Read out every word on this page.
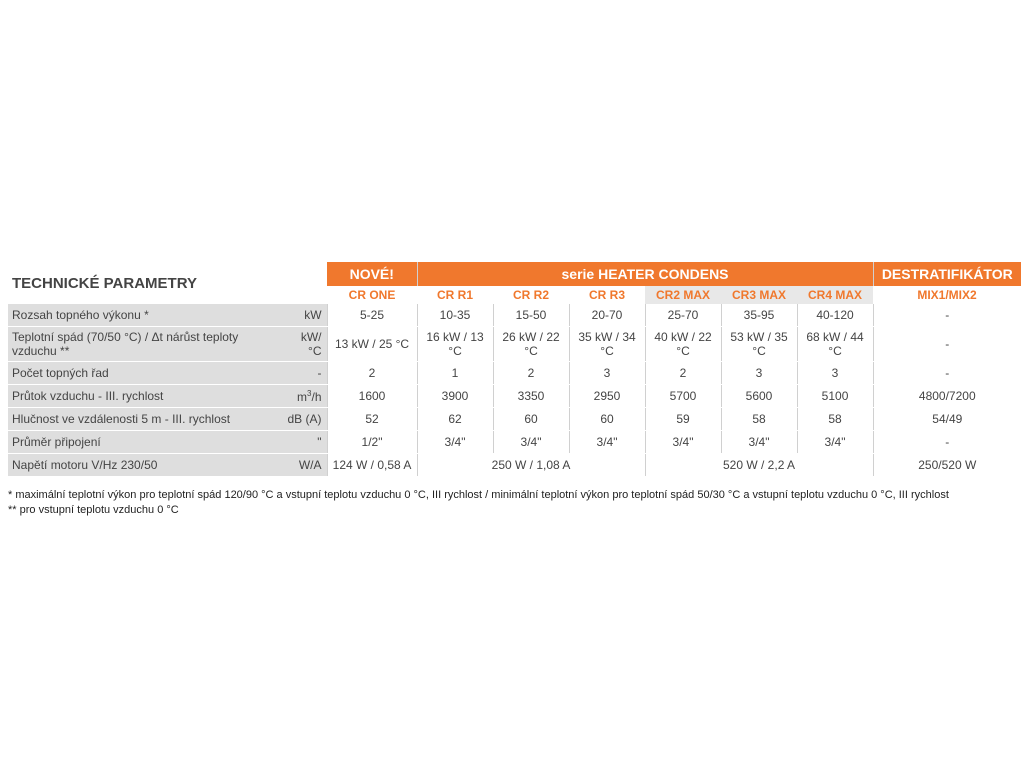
TECHNICKÉ PARAMETRY		NOVÉ!	serie HEATER CONDENS						DESTRATIFIKÁTOR
		CR ONE	CR R1	CR R2	CR R3	CR2 MAX	CR3 MAX	CR4 MAX	MIX1/MIX2
Rozsah topného výkonu *	kW	5-25	10-35	15-50	20-70	25-70	35-95	40-120	-
Teplotní spád (70/50 °C) / Δt nárůst teploty vzduchu **	kW/ °C	13 kW / 25 °C	16 kW / 13 °C	26 kW / 22 °C	35 kW / 34 °C	40 kW / 22 °C	53 kW / 35 °C	68 kW / 44 °C	-
Počet topných řad	-	2	1	2	3	2	3	3	-
Průtok vzduchu - III. rychlost	$m^3/h$	1600	3900	3350	2950	5700	5600	5100	4800/7200
Hlučnost ve vzdálenosti 5 m - III. rychlost	dB (A)	52	62	60	60	59	58	58	54/49
Průměr připojení	"	1/2"	3/4"	3/4"	3/4"	3/4"	3/4"	3/4"	-
Napětí motoru V/Hz 230/50	W/A	124 W / 0,58 A	250 W / 1,08 A			520 W / 2,2 A			250/520 W
* maximální teplotní výkon pro teplotní spád 120/90 °C a vstupní teplotu vzduchu 0 °C, III rychlost / minimální teplotní výkon pro teplotní spád 50/30 °C a vstupní teplotu vzduchu 0 °C, III rychlost
** pro vstupní teplotu vzduchu 0 °C
